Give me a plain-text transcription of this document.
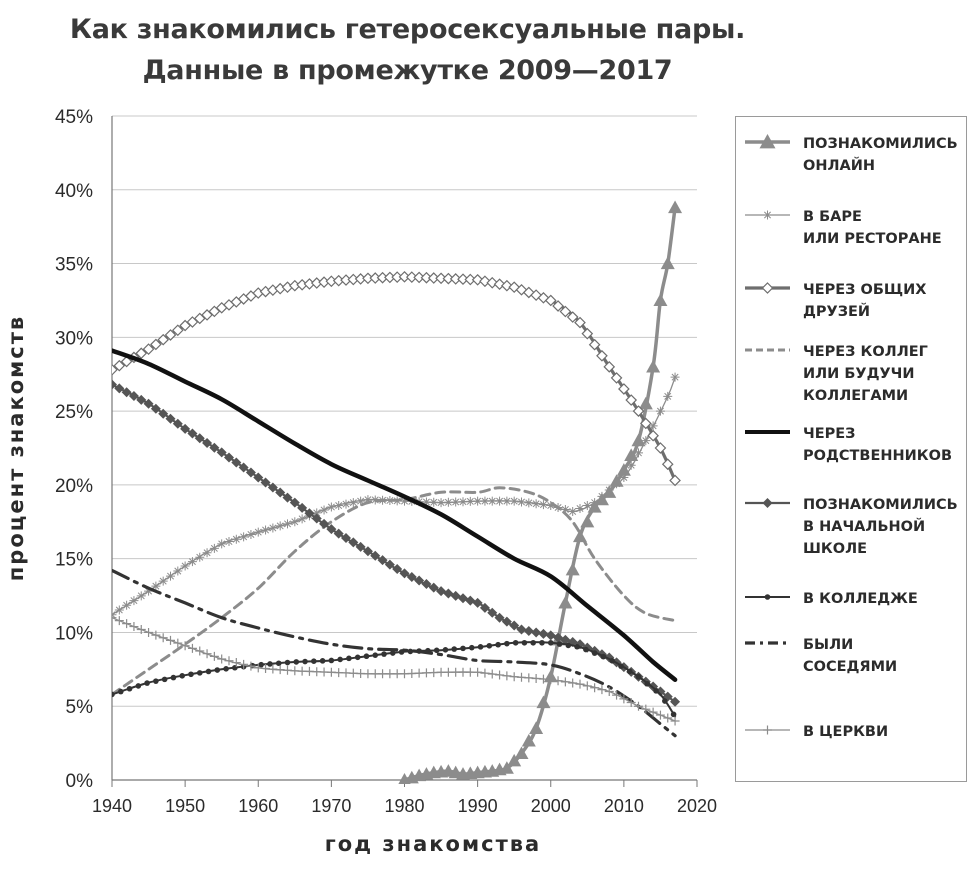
Как знакомились гетеросексуальные пары.
Данные в промежутке 2009—2017
0%
5%
10%
15%
20%
25%
30%
35%
40%
45%
1940 1950 1960 1970 1980 1990 2000 2010 2020
ПОЗНАКОМИЛИСЬ
ОНЛАЙН
В БАРЕ
ИЛИ РЕСТОРАНЕ
ЧЕРЕЗ ОБЩИХ
ДРУЗЕЙ
ЧЕРЕЗ КОЛЛЕГ
ИЛИ БУДУЧИ
КОЛЛЕГАМИ
ЧЕРЕЗ
РОДСТВЕННИКОВ
ПОЗНАКОМИЛИСЬ
В НАЧАЛЬНОЙ
ШКОЛЕ
В КОЛЛЕДЖЕ
БЫЛИ
СОСЕДЯМИ
В ЦЕРКВИ
год знакомства
процент знакомств
